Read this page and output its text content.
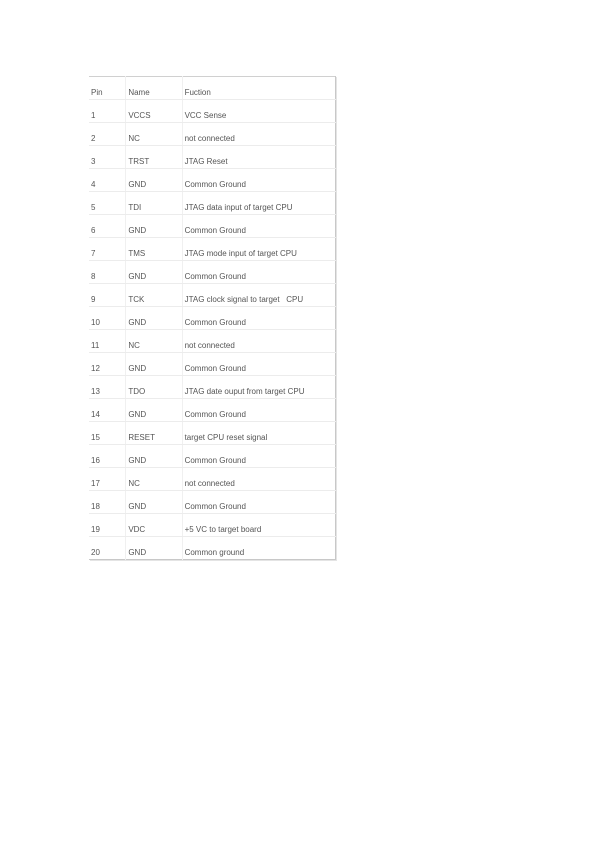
Pin	Name	Fuction
1	VCCS	VCC Sense
2	NC	not connected
3	TRST	JTAG Reset
4	GND	Common Ground
5	TDI	JTAG data input of target CPU
6	GND	Common Ground
7	TMS	JTAG mode input of target CPU
8	GND	Common Ground
9	TCK	JTAG clock signal to target   CPU
10	GND	Common Ground
11	NC	not connected
12	GND	Common Ground
13	TDO	JTAG date ouput from target CPU
14	GND	Common Ground
15	RESET	target CPU reset signal
16	GND	Common Ground
17	NC	not connected
18	GND	Common Ground
19	VDC	+5 VC to target board
20	GND	Common ground
